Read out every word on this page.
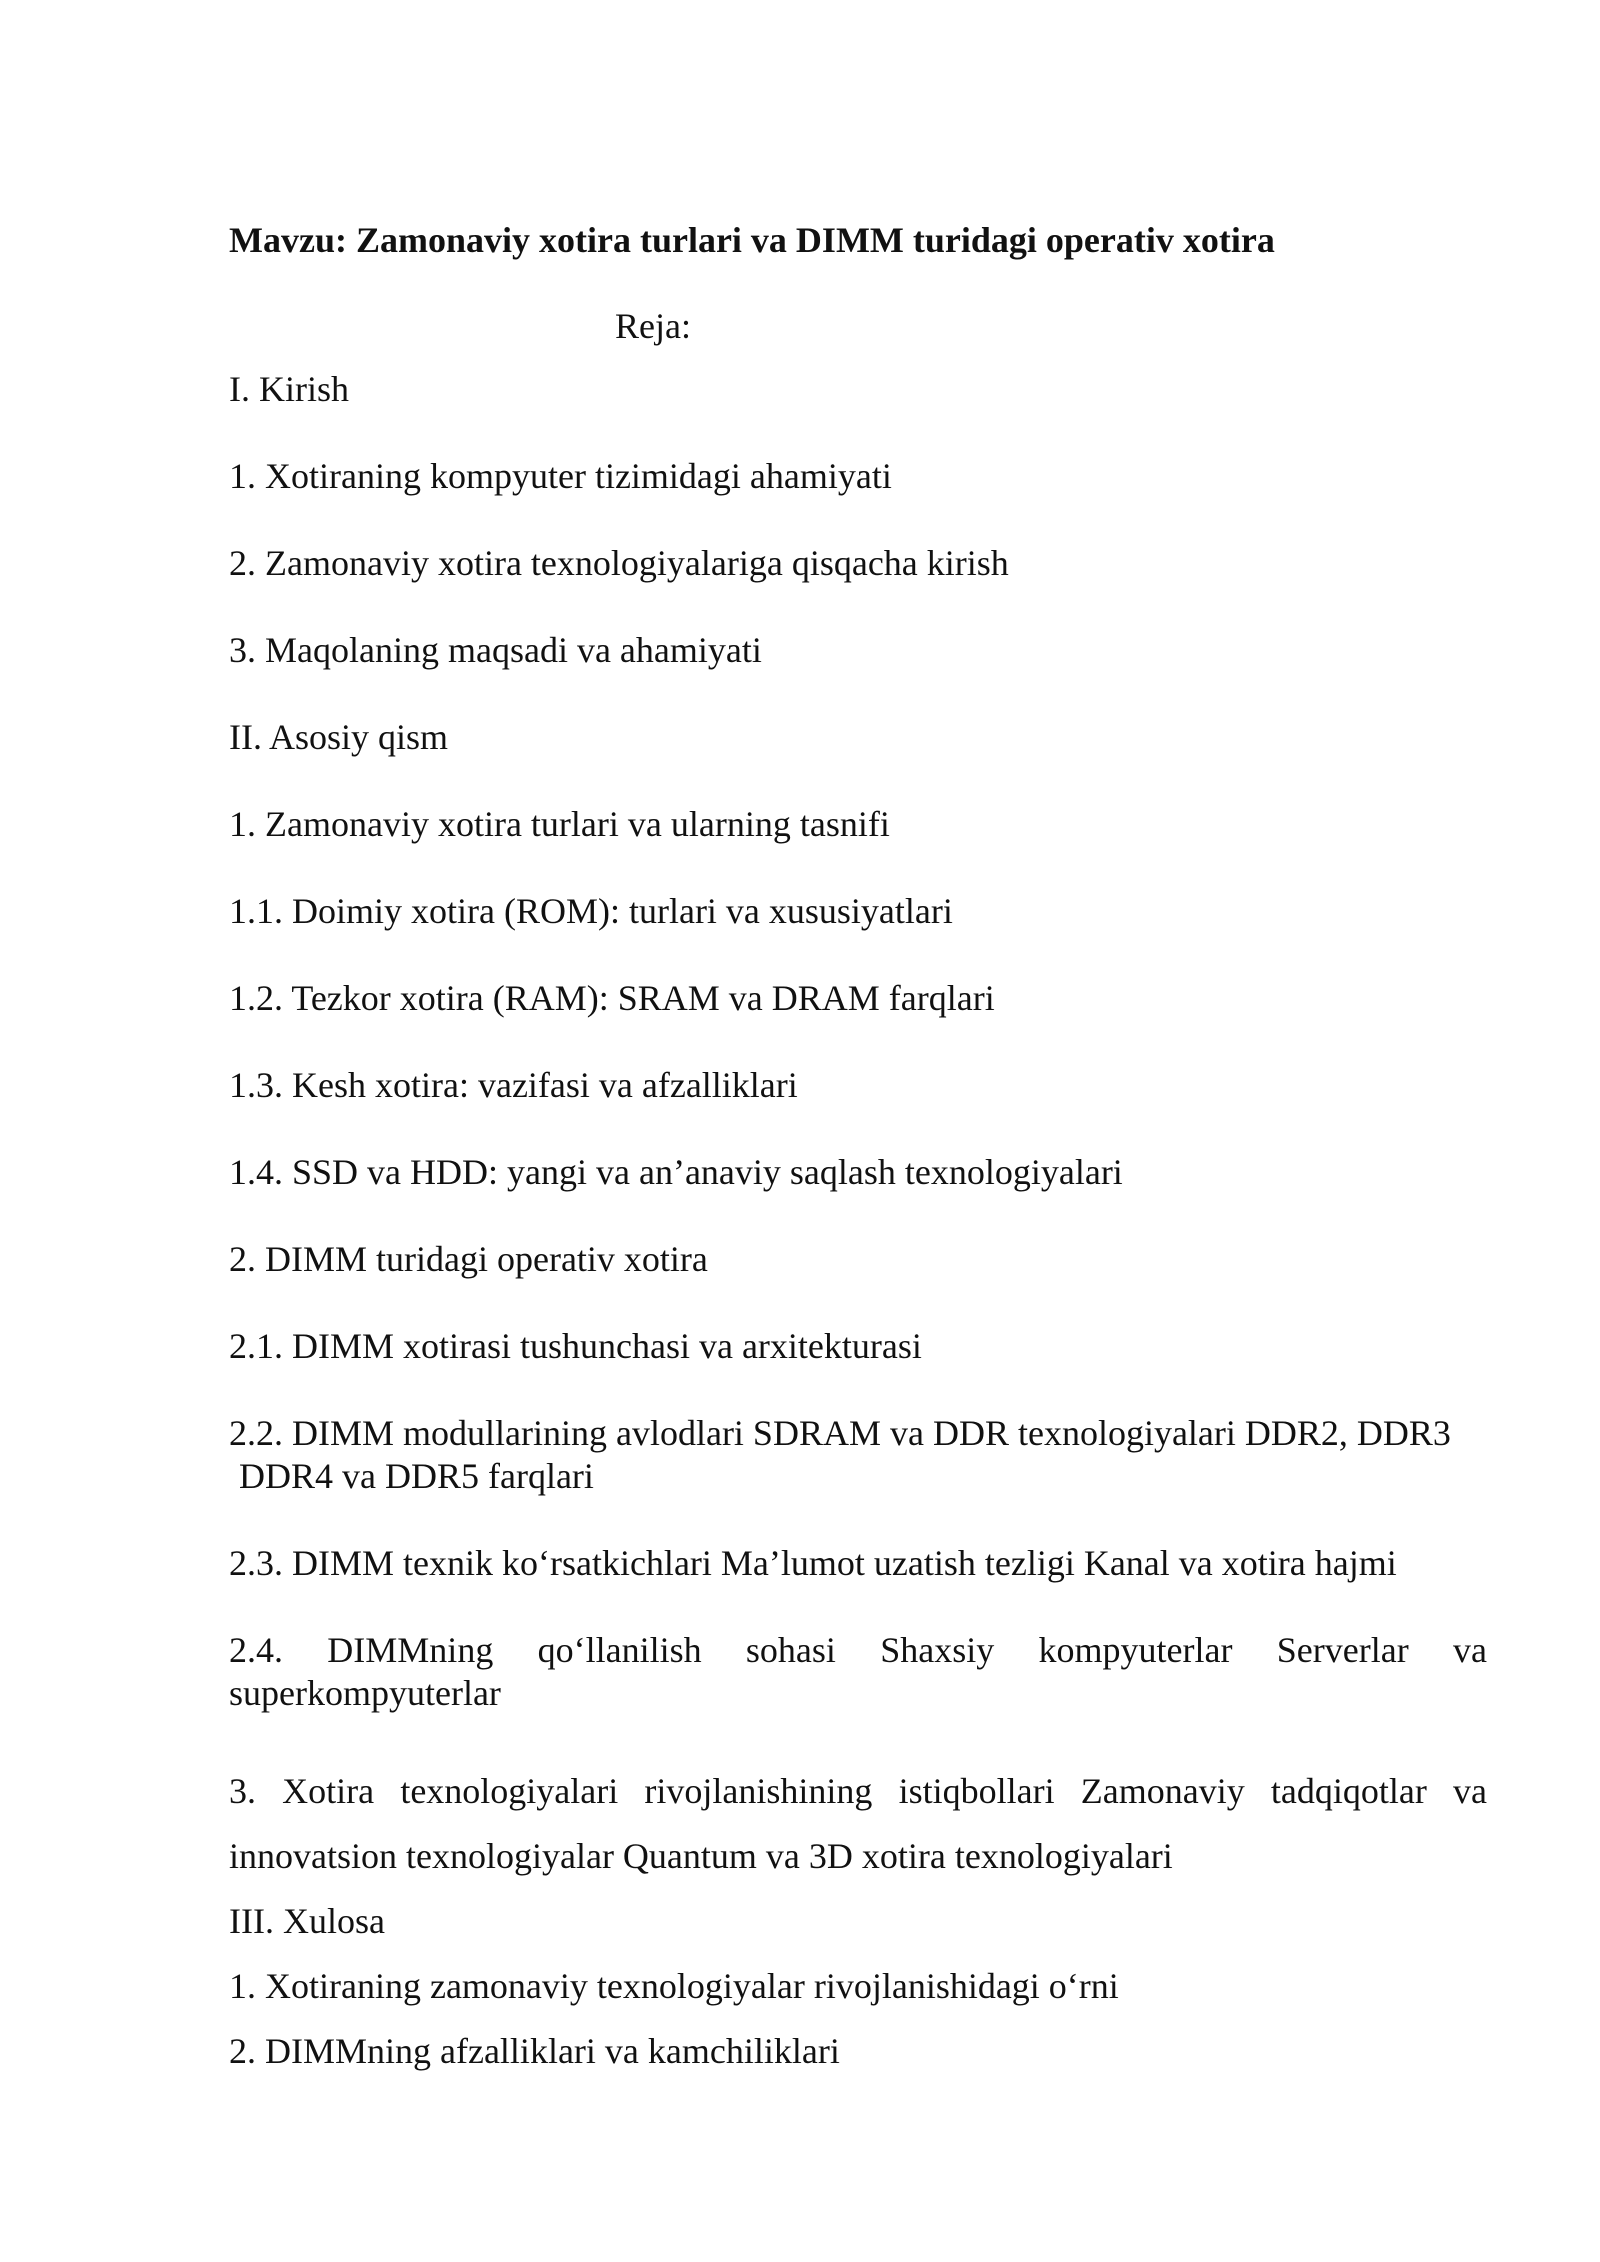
Mavzu: Zamonaviy xotira turlari va DIMM turidagi operativ xotira

Reja:

I. Kirish

1. Xotiraning kompyuter tizimidagi ahamiyati

2. Zamonaviy xotira texnologiyalariga qisqacha kirish

3. Maqolaning maqsadi va ahamiyati

II. Asosiy qism

1. Zamonaviy xotira turlari va ularning tasnifi

1.1. Doimiy xotira (ROM): turlari va xususiyatlari

1.2. Tezkor xotira (RAM): SRAM va DRAM farqlari

1.3. Kesh xotira: vazifasi va afzalliklari

1.4. SSD va HDD: yangi va an’anaviy saqlash texnologiyalari

2. DIMM turidagi operativ xotira

2.1. DIMM xotirasi tushunchasi va arxitekturasi

2.2. DIMM modullarining avlodlari SDRAM va DDR texnologiyalari DDR2, DDR3

DDR4 va DDR5 farqlari

2.3. DIMM texnik ko‘rsatkichlari Ma’lumot uzatish tezligi Kanal va xotira hajmi

2.4. DIMMning qo‘llanilish sohasi Shaxsiy kompyuterlar Serverlar va superkompyuterlar

3. Xotira texnologiyalari rivojlanishining istiqbollari Zamonaviy tadqiqotlar va innovatsion texnologiyalar Quantum va 3D xotira texnologiyalari

III. Xulosa

1. Xotiraning zamonaviy texnologiyalar rivojlanishidagi o‘rni

2. DIMMning afzalliklari va kamchiliklari
